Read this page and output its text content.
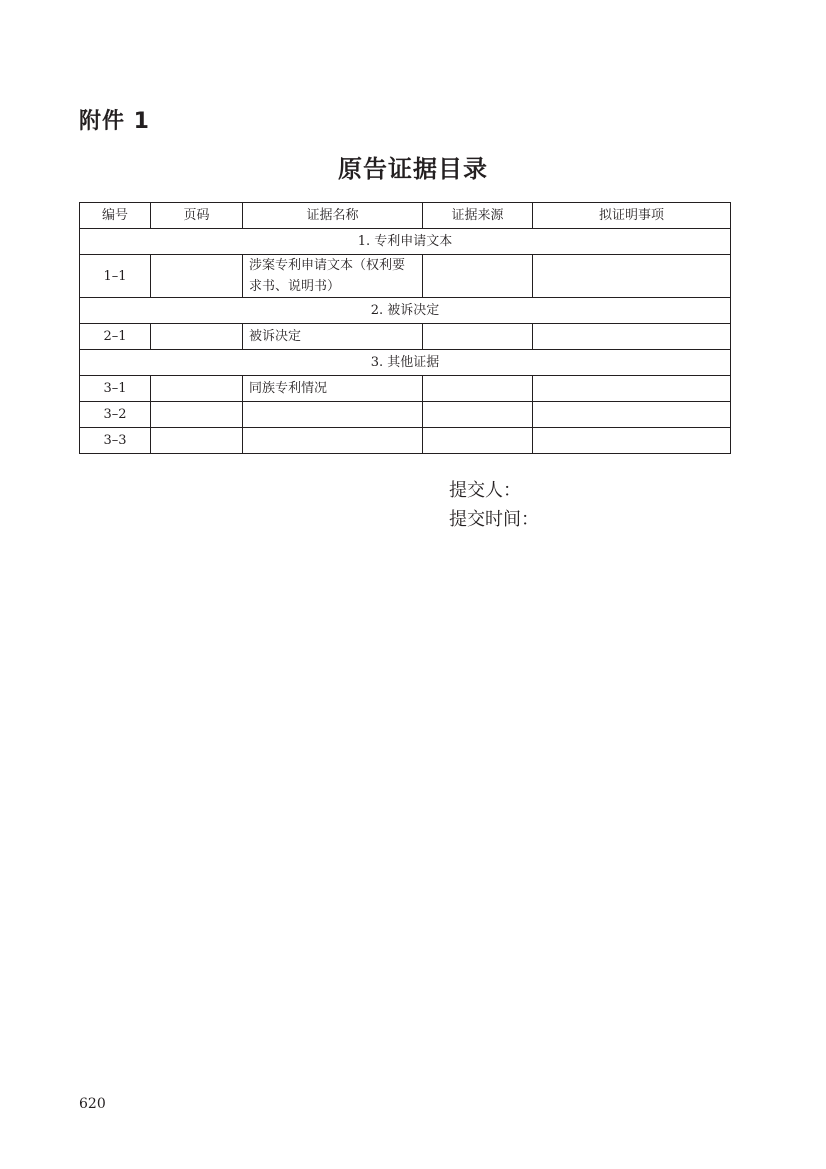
附件 1
原告证据目录
编号	页码	证据名称	证据来源	拟证明事项
1. 专利申请文本				
1–1		涉案专利申请文本（权利要求书、说明书）		
2. 被诉决定				
2–1		被诉决定		
3. 其他证据				
3–1		同族专利情况		
3–2				
3–3				

提交人：

提交时间：

620
